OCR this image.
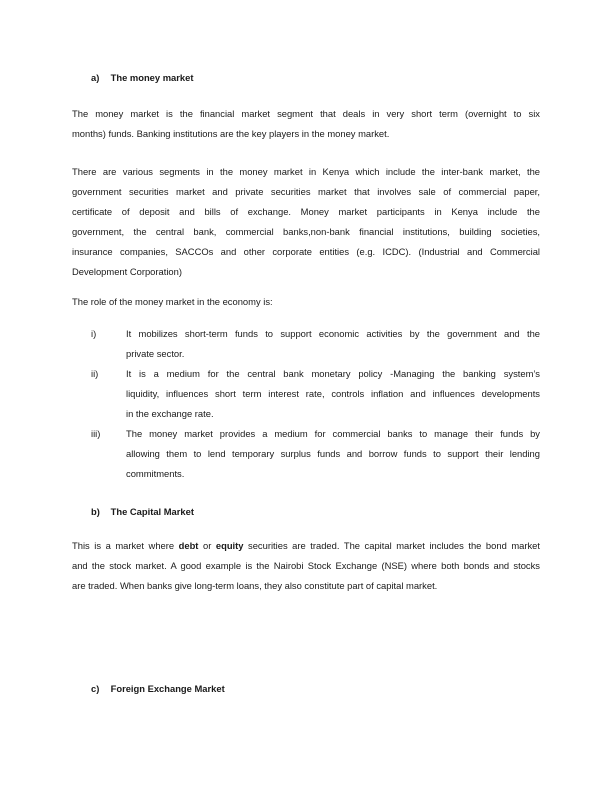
a) The money market
The money market is the financial market segment that deals in very short term (overnight to six
months) funds. Banking institutions are the key players in the money market.
There are various segments in the money market in Kenya which include the inter-bank market, the
government securities market and private securities market that involves sale of commercial paper,
certificate of deposit and bills of exchange. Money market participants in Kenya include the
government, the central bank, commercial banks,non-bank financial institutions, building societies,
insurance companies, SACCOs and other corporate entities (e.g. ICDC). (Industrial and Commercial
Development Corporation)
The role of the money market in the economy is:
i)	It mobilizes short-term funds to support economic activities by the government and the
private sector.
ii)	It is a medium for the central bank monetary policy -Managing the banking system’s
liquidity, influences short term interest rate, controls inflation and influences developments
in the exchange rate.
iii)	The money market provides a medium for commercial banks to manage their funds by
allowing them to lend temporary surplus funds and borrow funds to support their lending
commitments.
b) The Capital Market
This is a market where debt or equity securities are traded. The capital market includes the bond market
and the stock market. A good example is the Nairobi Stock Exchange (NSE) where both bonds and stocks
are traded. When banks give long-term loans, they also constitute part of capital market.
c) Foreign Exchange Market
